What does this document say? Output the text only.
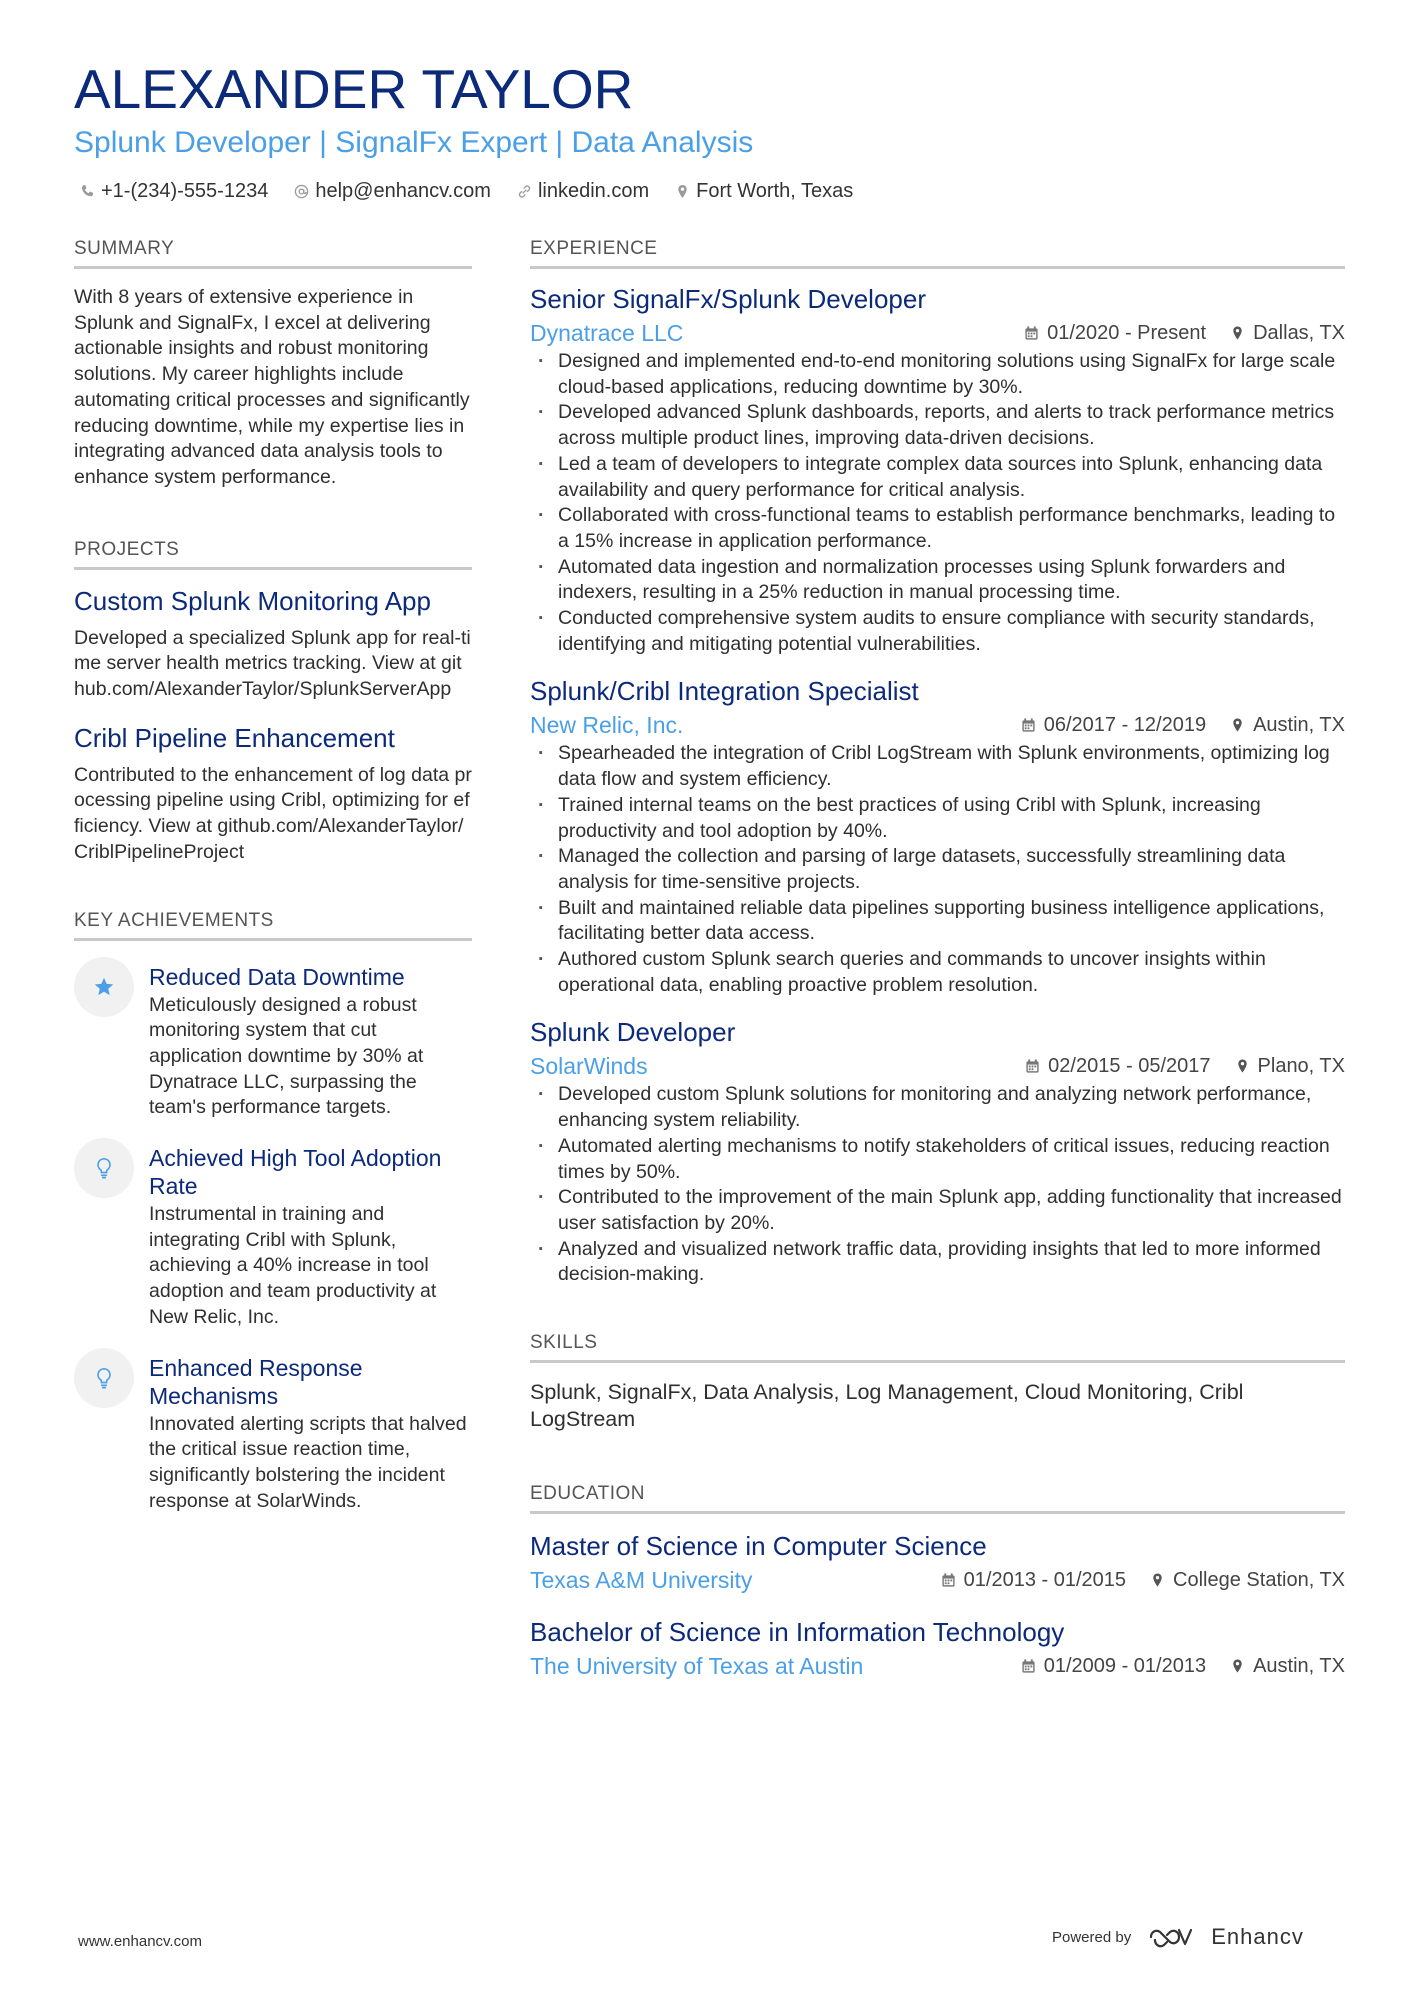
ALEXANDER TAYLOR
Splunk Developer | SignalFx Expert | Data Analysis
+1-(234)-555-1234 help@enhancv.com linkedin.com Fort Worth, Texas
SUMMARY
With 8 years of extensive experience in Splunk and SignalFx, I excel at delivering actionable insights and robust monitoring solutions. My career highlights include automating critical processes and significantly reducing downtime, while my expertise lies in integrating advanced data analysis tools to enhance system performance.
PROJECTS
Custom Splunk Monitoring App
Developed a specialized Splunk app for real-time server health metrics tracking. View at github.com/AlexanderTaylor/SplunkServerApp
Cribl Pipeline Enhancement
Contributed to the enhancement of log data processing pipeline using Cribl, optimizing for efficiency. View at github.com/AlexanderTaylor/CriblPipelineProject
KEY ACHIEVEMENTS
Reduced Data Downtime
Meticulously designed a robust monitoring system that cut application downtime by 30% at Dynatrace LLC, surpassing the team's performance targets.
Achieved High Tool Adoption Rate
Instrumental in training and integrating Cribl with Splunk, achieving a 40% increase in tool adoption and team productivity at New Relic, Inc.
Enhanced Response Mechanisms
Innovated alerting scripts that halved the critical issue reaction time, significantly bolstering the incident response at SolarWinds.
EXPERIENCE
Senior SignalFx/Splunk Developer
Dynatrace LLC	01/2020 - Present Dallas, TX
· Designed and implemented end-to-end monitoring solutions using SignalFx for large scale cloud-based applications, reducing downtime by 30%.
· Developed advanced Splunk dashboards, reports, and alerts to track performance metrics across multiple product lines, improving data-driven decisions.
· Led a team of developers to integrate complex data sources into Splunk, enhancing data availability and query performance for critical analysis.
· Collaborated with cross-functional teams to establish performance benchmarks, leading to a 15% increase in application performance.
· Automated data ingestion and normalization processes using Splunk forwarders and indexers, resulting in a 25% reduction in manual processing time.
· Conducted comprehensive system audits to ensure compliance with security standards, identifying and mitigating potential vulnerabilities.
Splunk/Cribl Integration Specialist
New Relic, Inc.	06/2017 - 12/2019 Austin, TX
· Spearheaded the integration of Cribl LogStream with Splunk environments, optimizing log data flow and system efficiency.
· Trained internal teams on the best practices of using Cribl with Splunk, increasing productivity and tool adoption by 40%.
· Managed the collection and parsing of large datasets, successfully streamlining data analysis for time-sensitive projects.
· Built and maintained reliable data pipelines supporting business intelligence applications, facilitating better data access.
· Authored custom Splunk search queries and commands to uncover insights within operational data, enabling proactive problem resolution.
Splunk Developer
SolarWinds	02/2015 - 05/2017 Plano, TX
· Developed custom Splunk solutions for monitoring and analyzing network performance, enhancing system reliability.
· Automated alerting mechanisms to notify stakeholders of critical issues, reducing reaction times by 50%.
· Contributed to the improvement of the main Splunk app, adding functionality that increased user satisfaction by 20%.
· Analyzed and visualized network traffic data, providing insights that led to more informed decision-making.
SKILLS
Splunk, SignalFx, Data Analysis, Log Management, Cloud Monitoring, Cribl LogStream
EDUCATION
Master of Science in Computer Science
Texas A&M University	01/2013 - 01/2015 College Station, TX
Bachelor of Science in Information Technology
The University of Texas at Austin	01/2009 - 01/2013 Austin, TX
www.enhancv.com	Powered by	Enhancv
